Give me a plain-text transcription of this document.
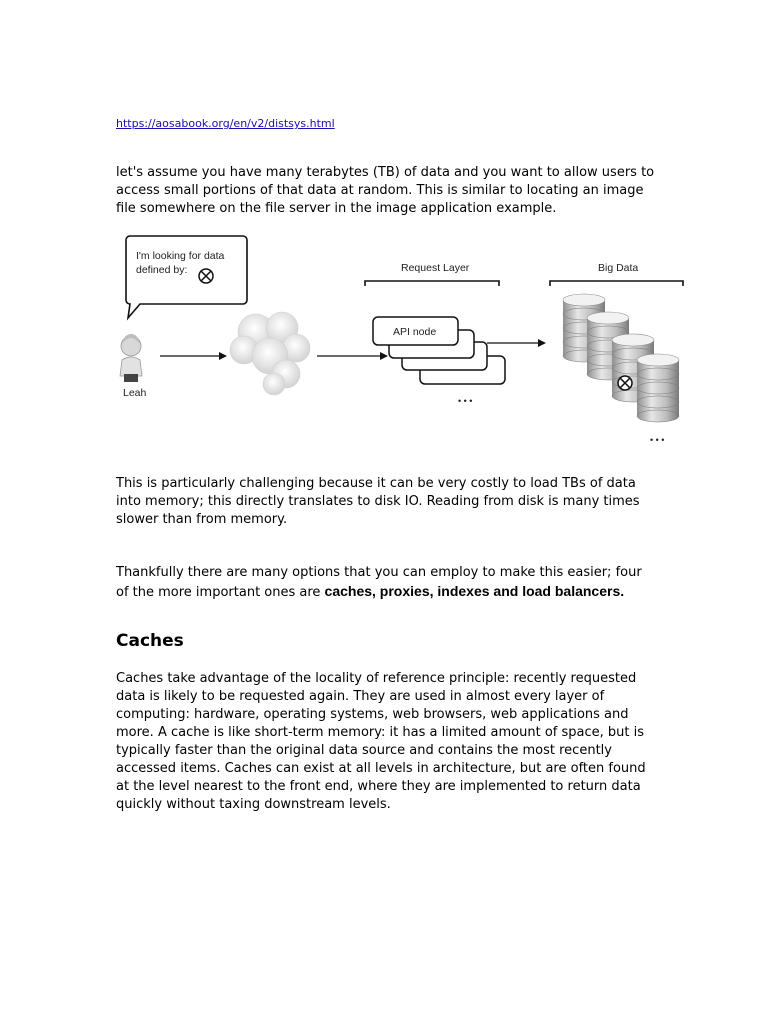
https://aosabook.org/en/v2/distsys.html

let's assume you have many terabytes (TB) of data and you want to allow users to access small portions of that data at random. This is similar to locating an image file somewhere on the file server in the image application example.

I'm looking for data
defined by:
Leah
Request Layer
API node
• • •
Big Data
• • •

This is particularly challenging because it can be very costly to load TBs of data into memory; this directly translates to disk IO. Reading from disk is many times slower than from memory.

Thankfully there are many options that you can employ to make this easier; four of the more important ones are caches, proxies, indexes and load balancers.

Caches

Caches take advantage of the locality of reference principle: recently requested data is likely to be requested again. They are used in almost every layer of computing: hardware, operating systems, web browsers, web applications and more. A cache is like short-term memory: it has a limited amount of space, but is typically faster than the original data source and contains the most recently accessed items. Caches can exist at all levels in architecture, but are often found at the level nearest to the front end, where they are implemented to return data quickly without taxing downstream levels.
